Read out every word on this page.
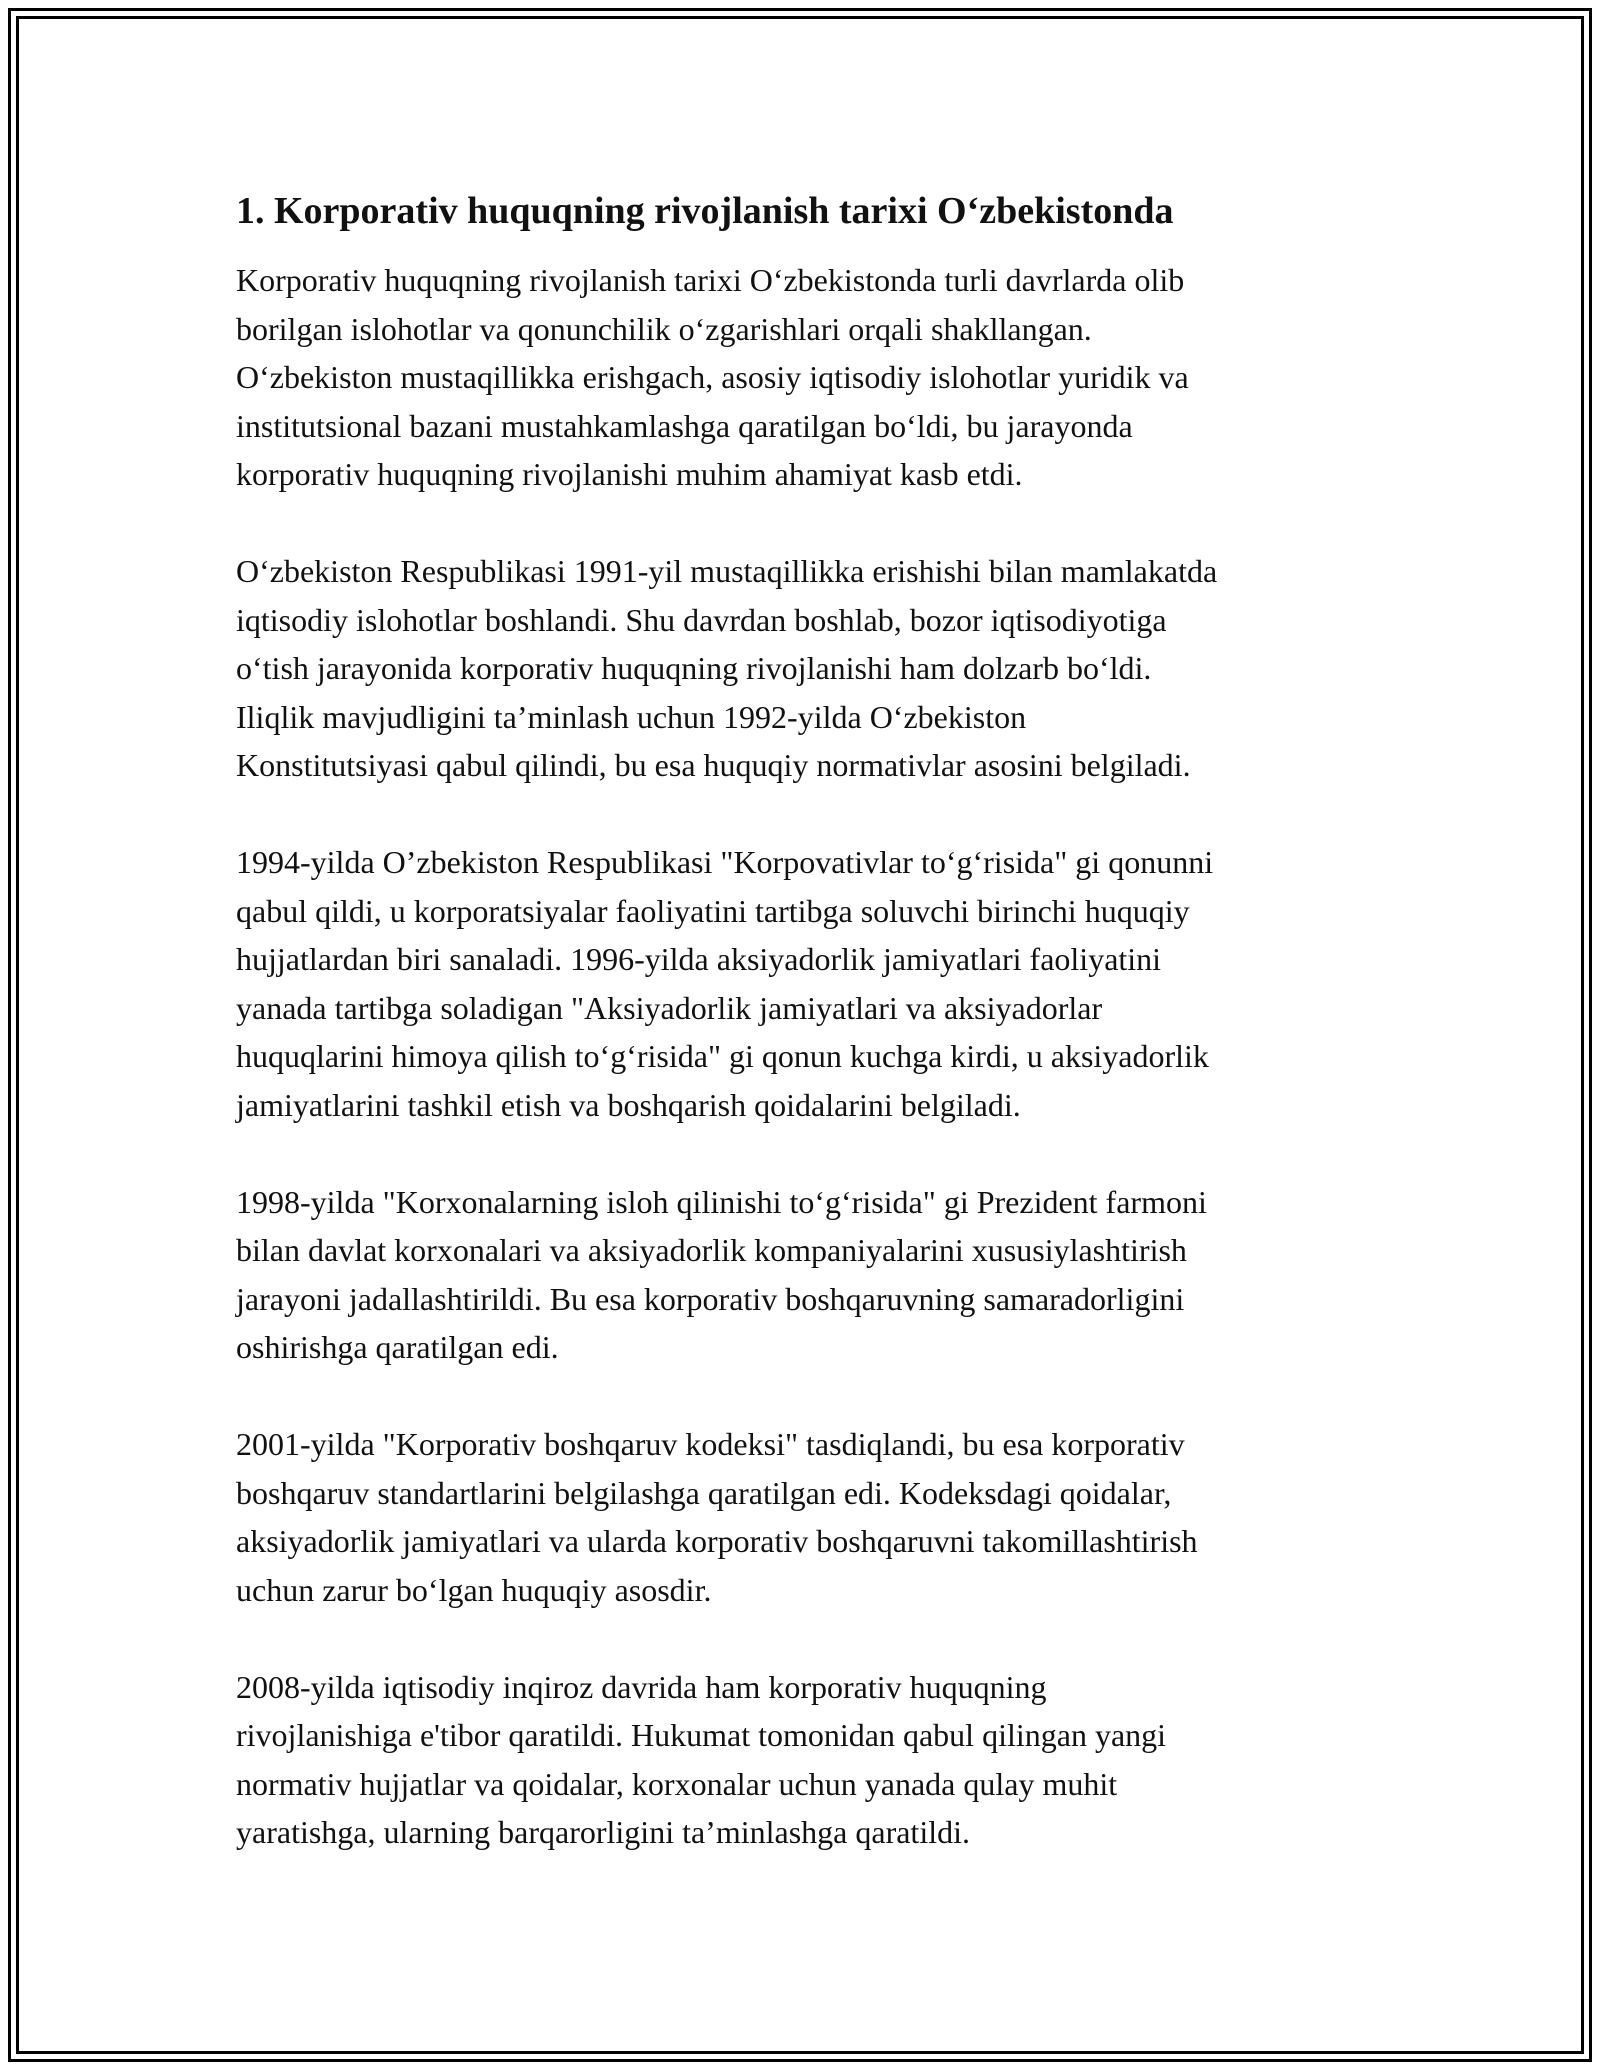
1. Korporativ huquqning rivojlanish tarixi O‘zbekistonda

Korporativ huquqning rivojlanish tarixi O‘zbekistonda turli davrlarda olib
borilgan islohotlar va qonunchilik o‘zgarishlari orqali shakllangan.
O‘zbekiston mustaqillikka erishgach, asosiy iqtisodiy islohotlar yuridik va
institutsional bazani mustahkamlashga qaratilgan bo‘ldi, bu jarayonda
korporativ huquqning rivojlanishi muhim ahamiyat kasb etdi.

O‘zbekiston Respublikasi 1991-yil mustaqillikka erishishi bilan mamlakatda
iqtisodiy islohotlar boshlandi. Shu davrdan boshlab, bozor iqtisodiyotiga
o‘tish jarayonida korporativ huquqning rivojlanishi ham dolzarb bo‘ldi.
Iliqlik mavjudligini ta’minlash uchun 1992-yilda O‘zbekiston
Konstitutsiyasi qabul qilindi, bu esa huquqiy normativlar asosini belgiladi.

1994-yilda O’zbekiston Respublikasi "Korpovativlar to‘g‘risida" gi qonunni
qabul qildi, u korporatsiyalar faoliyatini tartibga soluvchi birinchi huquqiy
hujjatlardan biri sanaladi. 1996-yilda aksiyadorlik jamiyatlari faoliyatini
yanada tartibga soladigan "Aksiyadorlik jamiyatlari va aksiyadorlar
huquqlarini himoya qilish to‘g‘risida" gi qonun kuchga kirdi, u aksiyadorlik
jamiyatlarini tashkil etish va boshqarish qoidalarini belgiladi.

1998-yilda "Korxonalarning isloh qilinishi to‘g‘risida" gi Prezident farmoni
bilan davlat korxonalari va aksiyadorlik kompaniyalarini xususiylashtirish
jarayoni jadallashtirildi. Bu esa korporativ boshqaruvning samaradorligini
oshirishga qaratilgan edi.

2001-yilda "Korporativ boshqaruv kodeksi" tasdiqlandi, bu esa korporativ
boshqaruv standartlarini belgilashga qaratilgan edi. Kodeksdagi qoidalar,
aksiyadorlik jamiyatlari va ularda korporativ boshqaruvni takomillashtirish
uchun zarur bo‘lgan huquqiy asosdir.

2008-yilda iqtisodiy inqiroz davrida ham korporativ huquqning
rivojlanishiga e'tibor qaratildi. Hukumat tomonidan qabul qilingan yangi
normativ hujjatlar va qoidalar, korxonalar uchun yanada qulay muhit
yaratishga, ularning barqarorligini ta’minlashga qaratildi.
